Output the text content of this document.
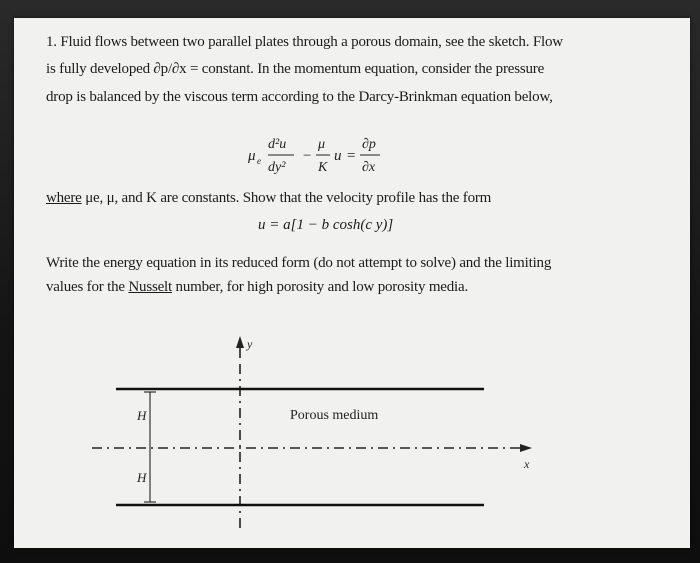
1. Fluid flows between two parallel plates through a porous domain, see the sketch. Flow
is fully developed ∂p/∂x = constant. In the momentum equation, consider the pressure
drop is balanced by the viscous term according to the Darcy-Brinkman equation below,
μ e
d²u
dy²
−
μ
K
u =
∂p
∂x
where μe, μ, and K are constants. Show that the velocity profile has the form
u = a[1 − b cosh(c y)]
Write the energy equation in its reduced form (do not attempt to solve) and the limiting
values for the Nusselt number, for high porosity and low porosity media.
y
x
H
H
Porous medium
